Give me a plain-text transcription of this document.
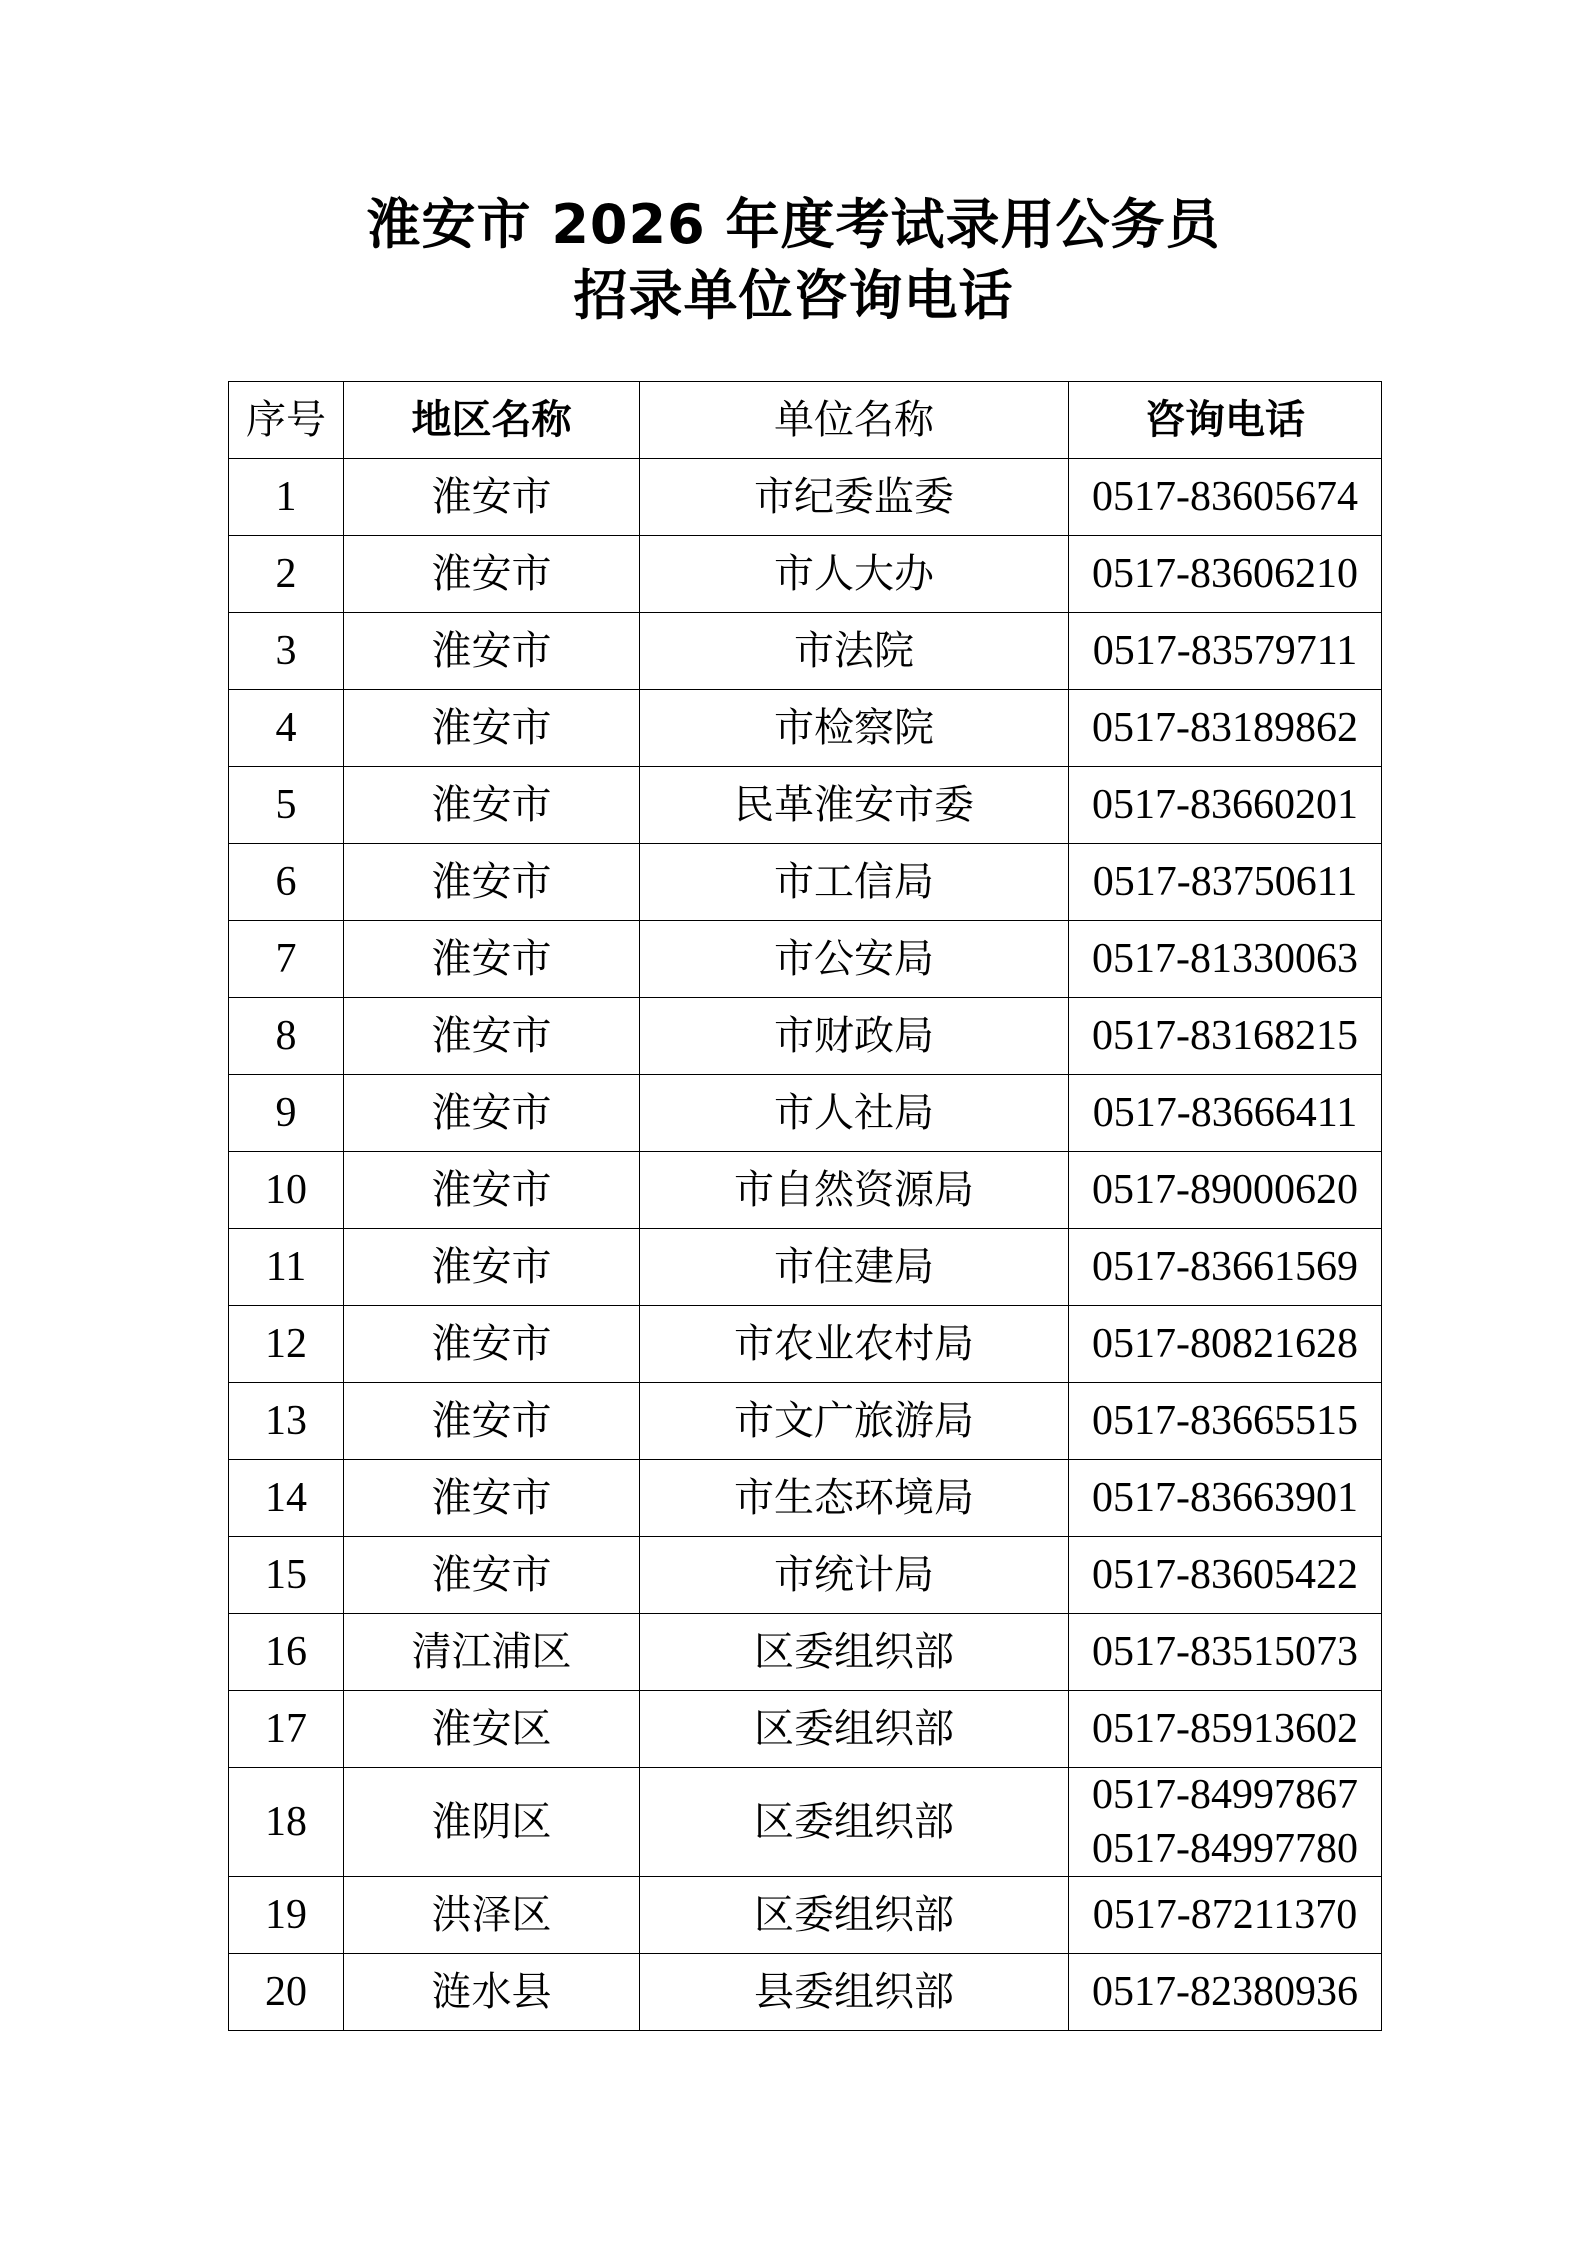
淮安市 2026 年度考试录用公务员
招录单位咨询电话
序号	地区名称	单位名称	咨询电话
1	淮安市	市纪委监委	0517-83605674

2	淮安市	市人大办	0517-83606210

3	淮安市	市法院	0517-83579711

4	淮安市	市检察院	0517-83189862

5	淮安市	民革淮安市委	0517-83660201

6	淮安市	市工信局	0517-83750611

7	淮安市	市公安局	0517-81330063

8	淮安市	市财政局	0517-83168215

9	淮安市	市人社局	0517-83666411

10	淮安市	市自然资源局	0517-89000620

11	淮安市	市住建局	0517-83661569

12	淮安市	市农业农村局	0517-80821628

13	淮安市	市文广旅游局	0517-83665515

14	淮安市	市生态环境局	0517-83663901

15	淮安市	市统计局	0517-83605422

16	清江浦区	区委组织部	0517-83515073

17	淮安区	区委组织部	0517-85913602

18	淮阴区	区委组织部	0517-84997867
0517-84997780

19	洪泽区	区委组织部	0517-87211370

20	涟水县	县委组织部	0517-82380936
